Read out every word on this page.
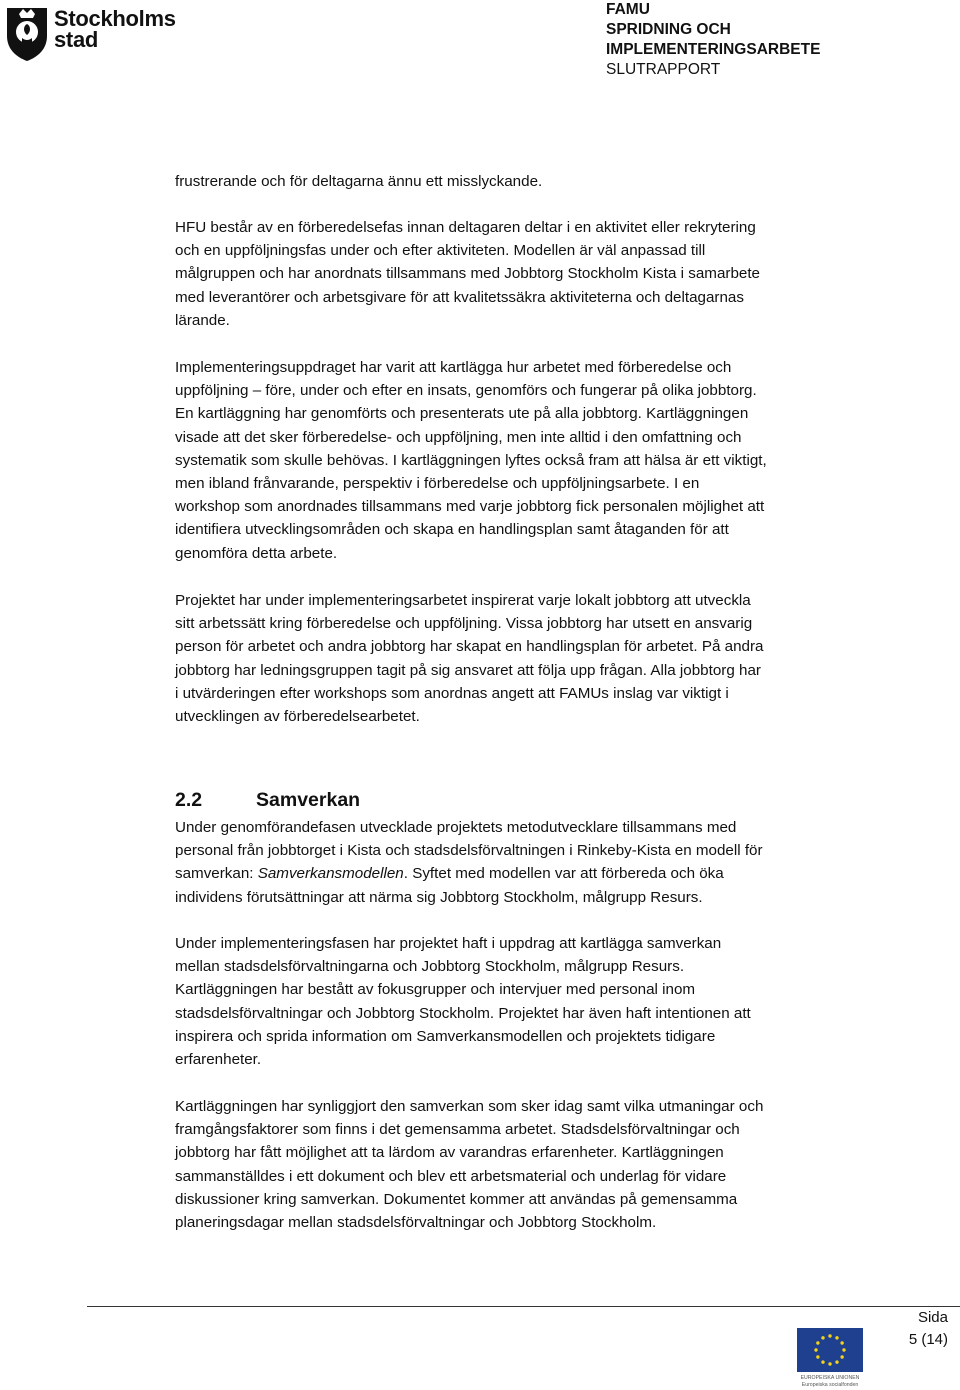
Stockholms
stad
FAMU
SPRIDNING OCH
IMPLEMENTERINGSARBETE
SLUTRAPPORT
frustrerande och för deltagarna ännu ett misslyckande.
HFU består av en förberedelsefas innan deltagaren deltar i en aktivitet eller rekrytering
och en uppföljningsfas under och efter aktiviteten. Modellen är väl anpassad till
målgruppen och har anordnats tillsammans med Jobbtorg Stockholm Kista i samarbete
med leverantörer och arbetsgivare för att kvalitetssäkra aktiviteterna och deltagarnas
lärande.
Implementeringsuppdraget har varit att kartlägga hur arbetet med förberedelse och
uppföljning – före, under och efter en insats, genomförs och fungerar på olika jobbtorg.
En kartläggning har genomförts och presenterats ute på alla jobbtorg. Kartläggningen
visade att det sker förberedelse- och uppföljning, men inte alltid i den omfattning och
systematik som skulle behövas. I kartläggningen lyftes också fram att hälsa är ett viktigt,
men ibland frånvarande, perspektiv i förberedelse och uppföljningsarbete. I en
workshop som anordnades tillsammans med varje jobbtorg fick personalen möjlighet att
identifiera utvecklingsområden och skapa en handlingsplan samt åtaganden för att
genomföra detta arbete.
Projektet har under implementeringsarbetet inspirerat varje lokalt jobbtorg att utveckla
sitt arbetssätt kring förberedelse och uppföljning. Vissa jobbtorg har utsett en ansvarig
person för arbetet och andra jobbtorg har skapat en handlingsplan för arbetet. På andra
jobbtorg har ledningsgruppen tagit på sig ansvaret att följa upp frågan. Alla jobbtorg har
i utvärderingen efter workshops som anordnas angett att FAMUs inslag var viktigt i
utvecklingen av förberedelsearbetet.
2.2	Samverkan
Under genomförandefasen utvecklade projektets metodutvecklare tillsammans med
personal från jobbtorget i Kista och stadsdelsförvaltningen i Rinkeby-Kista en modell för
samverkan: Samverkansmodellen. Syftet med modellen var att förbereda och öka
individens förutsättningar att närma sig Jobbtorg Stockholm, målgrupp Resurs.
Under implementeringsfasen har projektet haft i uppdrag att kartlägga samverkan
mellan stadsdelsförvaltningarna och Jobbtorg Stockholm, målgrupp Resurs.
Kartläggningen har bestått av fokusgrupper och intervjuer med personal inom
stadsdelsförvaltningar och Jobbtorg Stockholm. Projektet har även haft intentionen att
inspirera och sprida information om Samverkansmodellen och projektets tidigare
erfarenheter.
Kartläggningen har synliggjort den samverkan som sker idag samt vilka utmaningar och
framgångsfaktorer som finns i det gemensamma arbetet. Stadsdelsförvaltningar och
jobbtorg har fått möjlighet att ta lärdom av varandras erfarenheter. Kartläggningen
sammanställdes i ett dokument och blev ett arbetsmaterial och underlag för vidare
diskussioner kring samverkan. Dokumentet kommer att användas på gemensamma
planeringsdagar mellan stadsdelsförvaltningar och Jobbtorg Stockholm.
Sida
5 (14)
EUROPEISKA UNIONEN
Europeiska socialfonden
